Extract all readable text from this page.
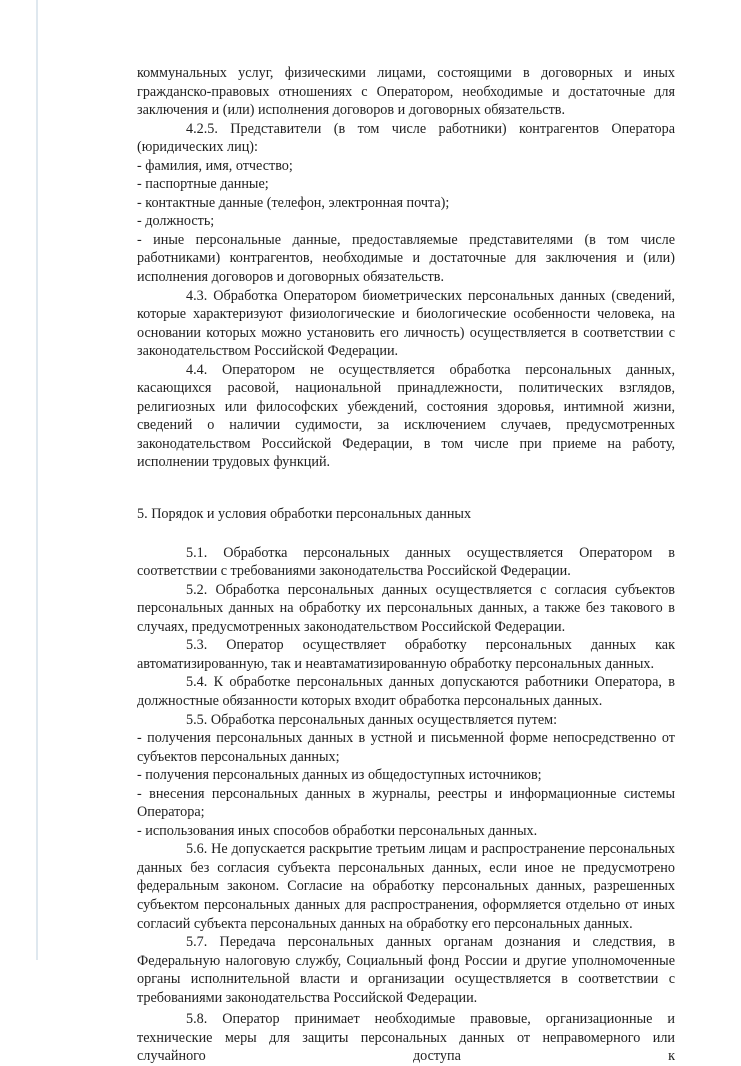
коммунальных услуг, физическими лицами, состоящими в договорных и иных гражданско-правовых отношениях с Оператором, необходимые и достаточные для заключения и (или) исполнения договоров и договорных обязательств.

4.2.5. Представители (в том числе работники) контрагентов Оператора (юридических лиц):

- фамилия, имя, отчество;

- паспортные данные;

- контактные данные (телефон, электронная почта);

- должность;

- иные персональные данные, предоставляемые представителями (в том числе работниками) контрагентов, необходимые и достаточные для заключения и (или) исполнения договоров и договорных обязательств.

4.3. Обработка Оператором биометрических персональных данных (сведений, которые характеризуют физиологические и биологические особенности человека, на основании которых можно установить его личность) осуществляется в соответствии с законодательством Российской Федерации.

4.4. Оператором не осуществляется обработка персональных данных, касающихся расовой, национальной принадлежности, политических взглядов, религиозных или философских убеждений, состояния здоровья, интимной жизни, сведений о наличии судимости, за исключением случаев, предусмотренных законодательством Российской Федерации, в том числе при приеме на работу, исполнении трудовых функций.

5. Порядок и условия обработки персональных данных

5.1. Обработка персональных данных осуществляется Оператором в соответствии с требованиями законодательства Российской Федерации.

5.2. Обработка персональных данных осуществляется с согласия субъектов персональных данных на обработку их персональных данных, а также без такового в случаях, предусмотренных законодательством Российской Федерации.

5.3. Оператор осуществляет обработку персональных данных как автоматизированную, так и неавтаматизированную обработку персональных данных.

5.4. К обработке персональных данных допускаются работники Оператора, в должностные обязанности которых входит обработка персональных данных.

5.5. Обработка персональных данных осуществляется путем:

- получения персональных данных в устной и письменной форме непосредственно от субъектов персональных данных;

- получения персональных данных из общедоступных источников;

- внесения персональных данных в журналы, реестры и информационные системы Оператора;

- использования иных способов обработки персональных данных.

5.6. Не допускается раскрытие третьим лицам и распространение персональных данных без согласия субъекта персональных данных, если иное не предусмотрено федеральным законом. Согласие на обработку персональных данных, разрешенных субъектом персональных данных для распространения, оформляется отдельно от иных согласий субъекта персональных данных на обработку его персональных данных.

5.7. Передача персональных данных органам дознания и следствия, в Федеральную налоговую службу, Социальный фонд России и другие уполномоченные органы исполнительной власти и организации осуществляется в соответствии с требованиями законодательства Российской Федерации.

5.8. Оператор принимает необходимые правовые, организационные и технические меры для защиты персональных данных от неправомерного или случайного доступа к
